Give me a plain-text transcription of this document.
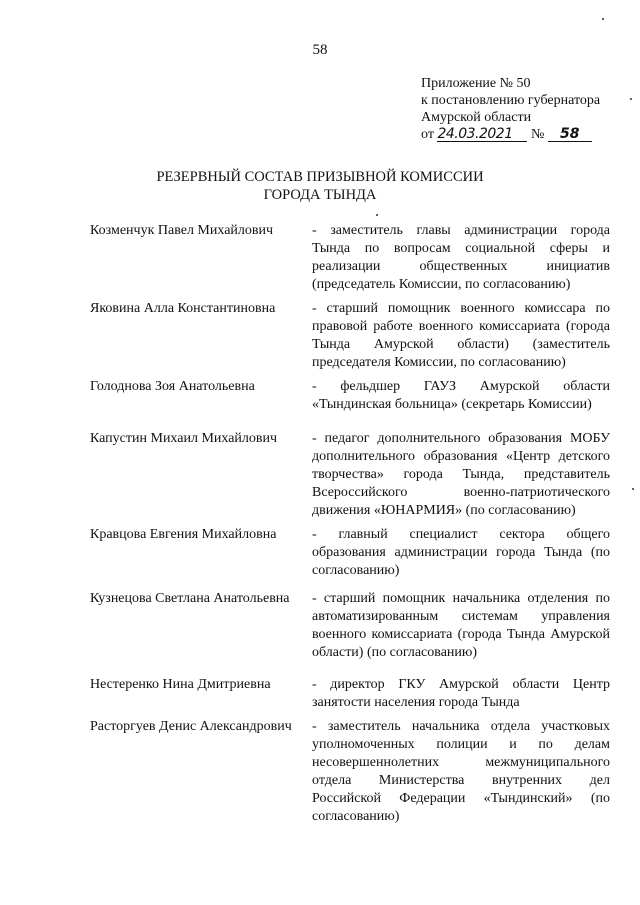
58
Приложение № 50
к постановлению губернатора
Амурской области
от 24.03.2021 № 58
РЕЗЕРВНЫЙ СОСТАВ ПРИЗЫВНОЙ КОМИССИИ
ГОРОДА ТЫНДА
Козменчук Павел Михайлович	- заместитель главы администрации города Тында по вопросам социальной сферы и реализации общественных инициатив (председатель Комиссии, по согласованию)
Яковина Алла Константиновна	- старший помощник военного комиссара по правовой работе военного комиссариата (города Тында Амурской области) (заместитель председателя Комиссии, по согласованию)
Голоднова Зоя Анатольевна	- фельдшер ГАУЗ Амурской области «Тындинская больница» (секретарь Комиссии)
Капустин Михаил Михайлович	- педагог дополнительного образования МОБУ дополнительного образования «Центр детского творчества» города Тында, представитель Всероссийского военно-патриотического движения «ЮНАРМИЯ» (по согласованию)
Кравцова Евгения Михайловна	- главный специалист сектора общего образования администрации города Тында (по согласованию)
Кузнецова Светлана Анатольевна	- старший помощник начальника отделения по автоматизированным системам управления военного комиссариата (города Тында Амурской области) (по согласованию)
Нестеренко Нина Дмитриевна	- директор ГКУ Амурской области Центр занятости населения города Тында
Расторгуев Денис Александрович	- заместитель начальника отдела участковых уполномоченных полиции и по делам несовершеннолетних межмуниципального отдела Министерства внутренних дел Российской Федерации «Тындинский» (по согласованию)
